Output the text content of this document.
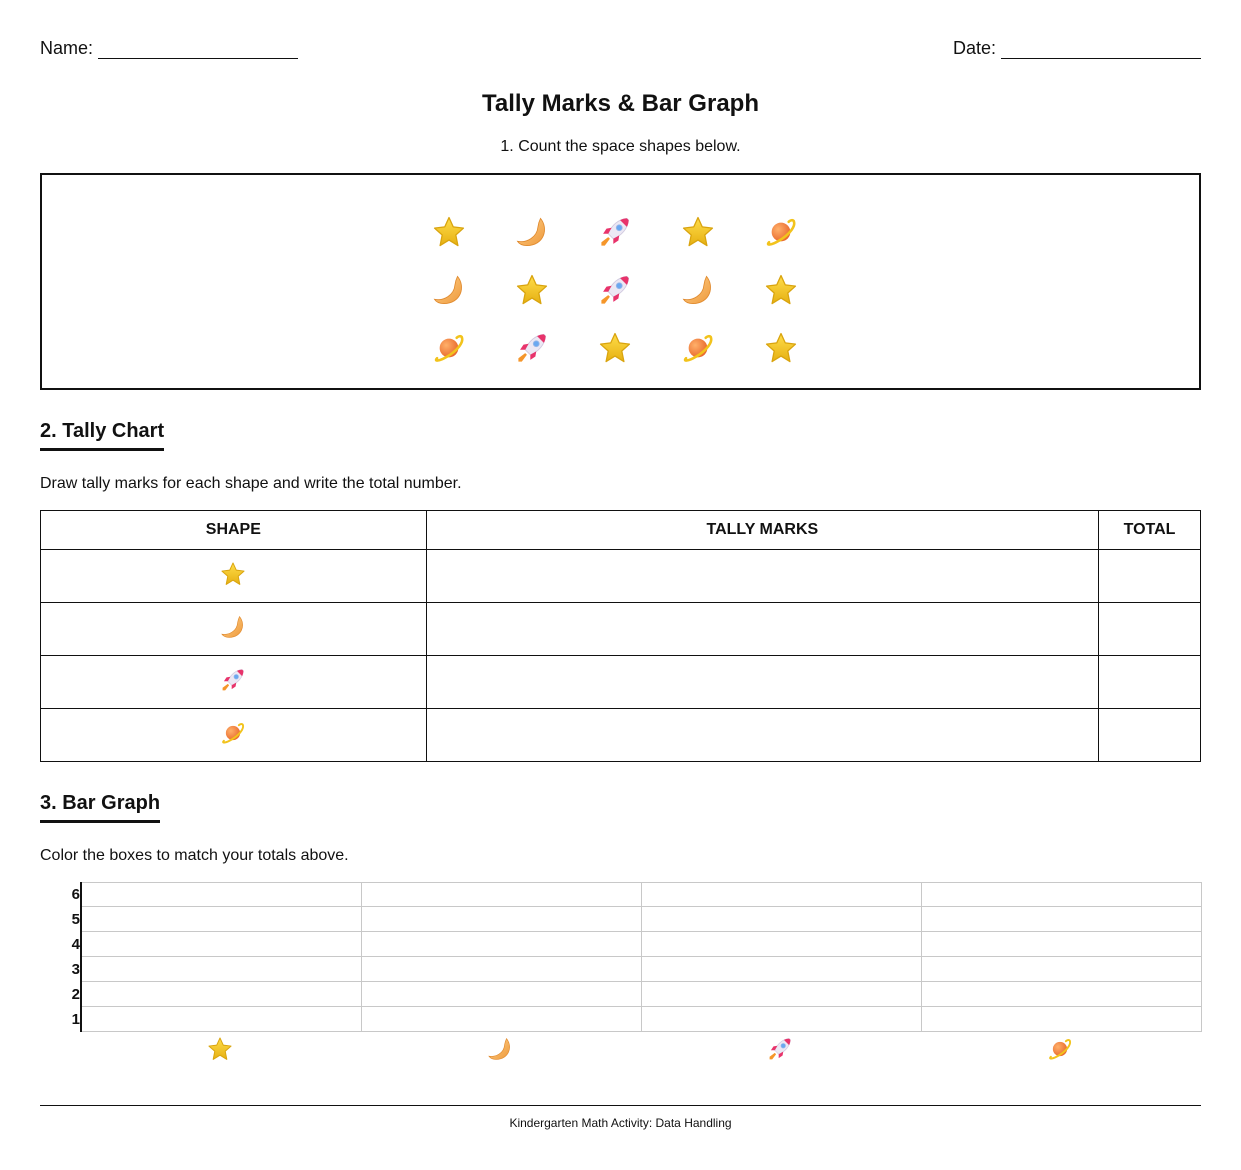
Name:	Date:
Tally Marks & Bar Graph
1. Count the space shapes below.
2. Tally Chart
Draw tally marks for each shape and write the total number.
SHAPE	TALLY MARKS	TOTAL

3. Bar Graph
Color the boxes to match your totals above.
6
5
4
3
2
1
Kindergarten Math Activity: Data Handling
